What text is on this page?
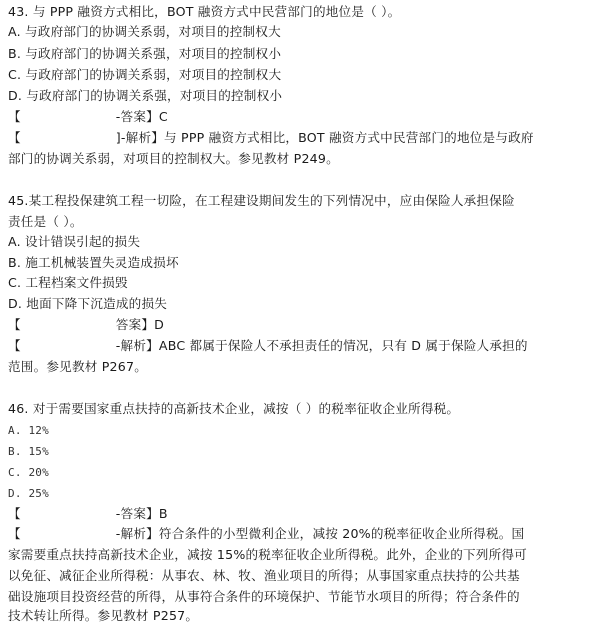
43. 与 PPP 融资方式相比，BOT 融资方式中民营部门的地位是（ ）。
A. 与政府部门的协调关系弱，对项目的控制权大
B. 与政府部门的协调关系强，对项目的控制权小
C. 与政府部门的协调关系弱，对项目的控制权大
D. 与政府部门的协调关系强，对项目的控制权小
【	-答案】C
【	]-解析】与 PPP 融资方式相比，BOT 融资方式中民营部门的地位是与政府
部门的协调关系弱，对项目的控制权大。参见教材 P249。
45.某工程投保建筑工程一切险，在工程建设期间发生的下列情况中，应由保险人承担保险
责任是（ ）。
A. 设计错误引起的损失
B. 施工机械装置失灵造成损坏
C. 工程档案文件损毁
D. 地面下降下沉造成的损失
【	答案】D
【	-解析】ABC 都属于保险人不承担责任的情况，只有 D 属于保险人承担的
范围。参见教材 P267。
46. 对于需要国家重点扶持的高新技术企业，减按（ ）的税率征收企业所得税。
A. 12%
B. 15%
C. 20%
D. 25%
【	-答案】B
【	-解析】符合条件的小型微利企业，减按 20%的税率征收企业所得税。国
家需要重点扶持高新技术企业，减按 15%的税率征收企业所得税。此外，企业的下列所得可
以免征、减征企业所得税：从事农、林、牧、渔业项目的所得；从事国家重点扶持的公共基
础设施项目投资经营的所得，从事符合条件的环境保护、节能节水项目的所得；符合条件的
技术转让所得。参见教材 P257。
